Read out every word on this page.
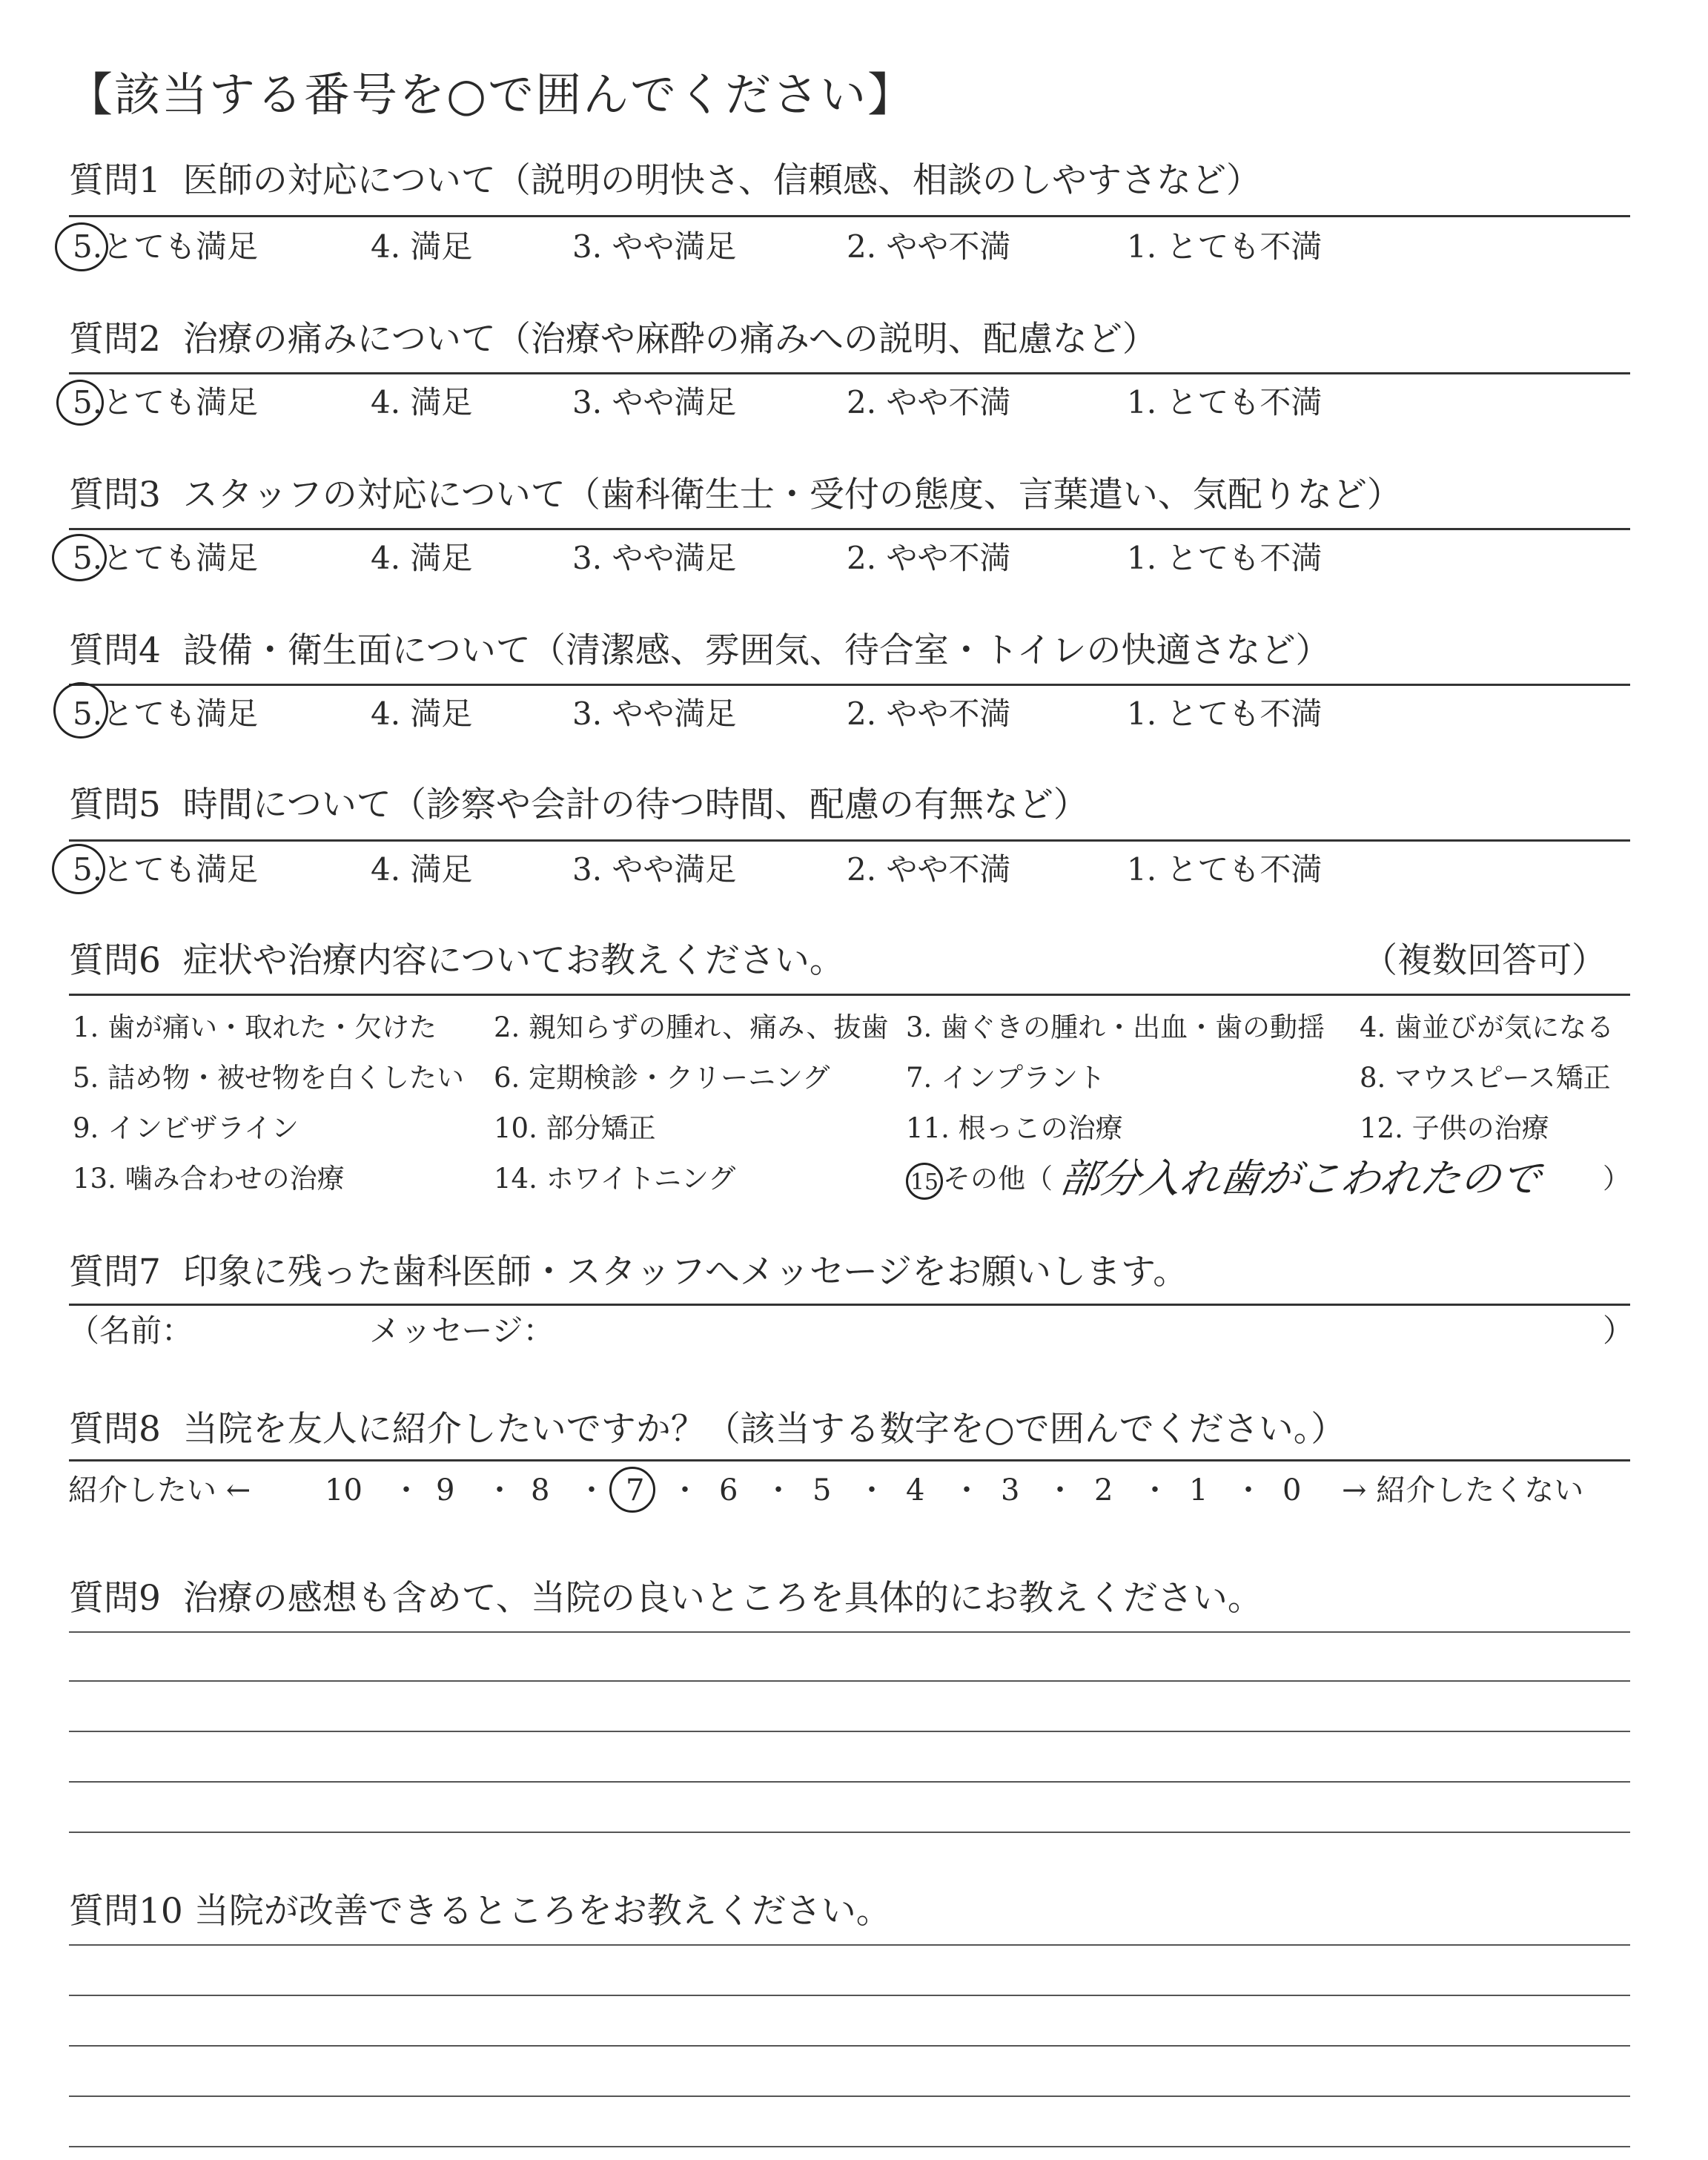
【該当する番号を○で囲んでください】
質問1 医師の対応について（説明の明快さ、信頼感、相談のしやすさなど）
5.とても満足	4. 満足	3. やや満足	2. やや不満	1. とても不満
質問2 治療の痛みについて（治療や麻酔の痛みへの説明、配慮など）
5.とても満足	4. 満足	3. やや満足	2. やや不満	1. とても不満
質問3 スタッフの対応について（歯科衛生士・受付の態度、言葉遣い、気配りなど）
5.とても満足	4. 満足	3. やや満足	2. やや不満	1. とても不満
質問4 設備・衛生面について（清潔感、雰囲気、待合室・トイレの快適さなど）
5.とても満足	4. 満足	3. やや満足	2. やや不満	1. とても不満
質問5 時間について（診察や会計の待つ時間、配慮の有無など）
5.とても満足	4. 満足	3. やや満足	2. やや不満	1. とても不満
質問6 症状や治療内容についてお教えください。	（複数回答可）
1. 歯が痛い・取れた・欠けた 2. 親知らずの腫れ、痛み、抜歯 3. 歯ぐきの腫れ・出血・歯の動揺 4. 歯並びが気になる
5. 詰め物・被せ物を白くしたい 6. 定期検診・クリーニング	7. インプラント	8. マウスピース矯正
9. インビザライン	10. 部分矯正	11. 根っこの治療	12. 子供の治療
13. 噛み合わせの治療	14. ホワイトニング	15 その他（ 部分入れ歯がこわれたので ）
質問7 印象に残った歯科医師・スタッフへメッセージをお願いします。
（名前：	メッセージ：	）
質問8 当院を友人に紹介したいですか？（該当する数字を○で囲んでください。）
紹介したい ← 10 ・ 9 ・ 8 ・ 7 ・ 6 ・ 5 ・ 4 ・ 3 ・ 2 ・ 1 ・ 0 → 紹介したくない
質問9 治療の感想も含めて、当院の良いところを具体的にお教えください。
質問10 当院が改善できるところをお教えください。
